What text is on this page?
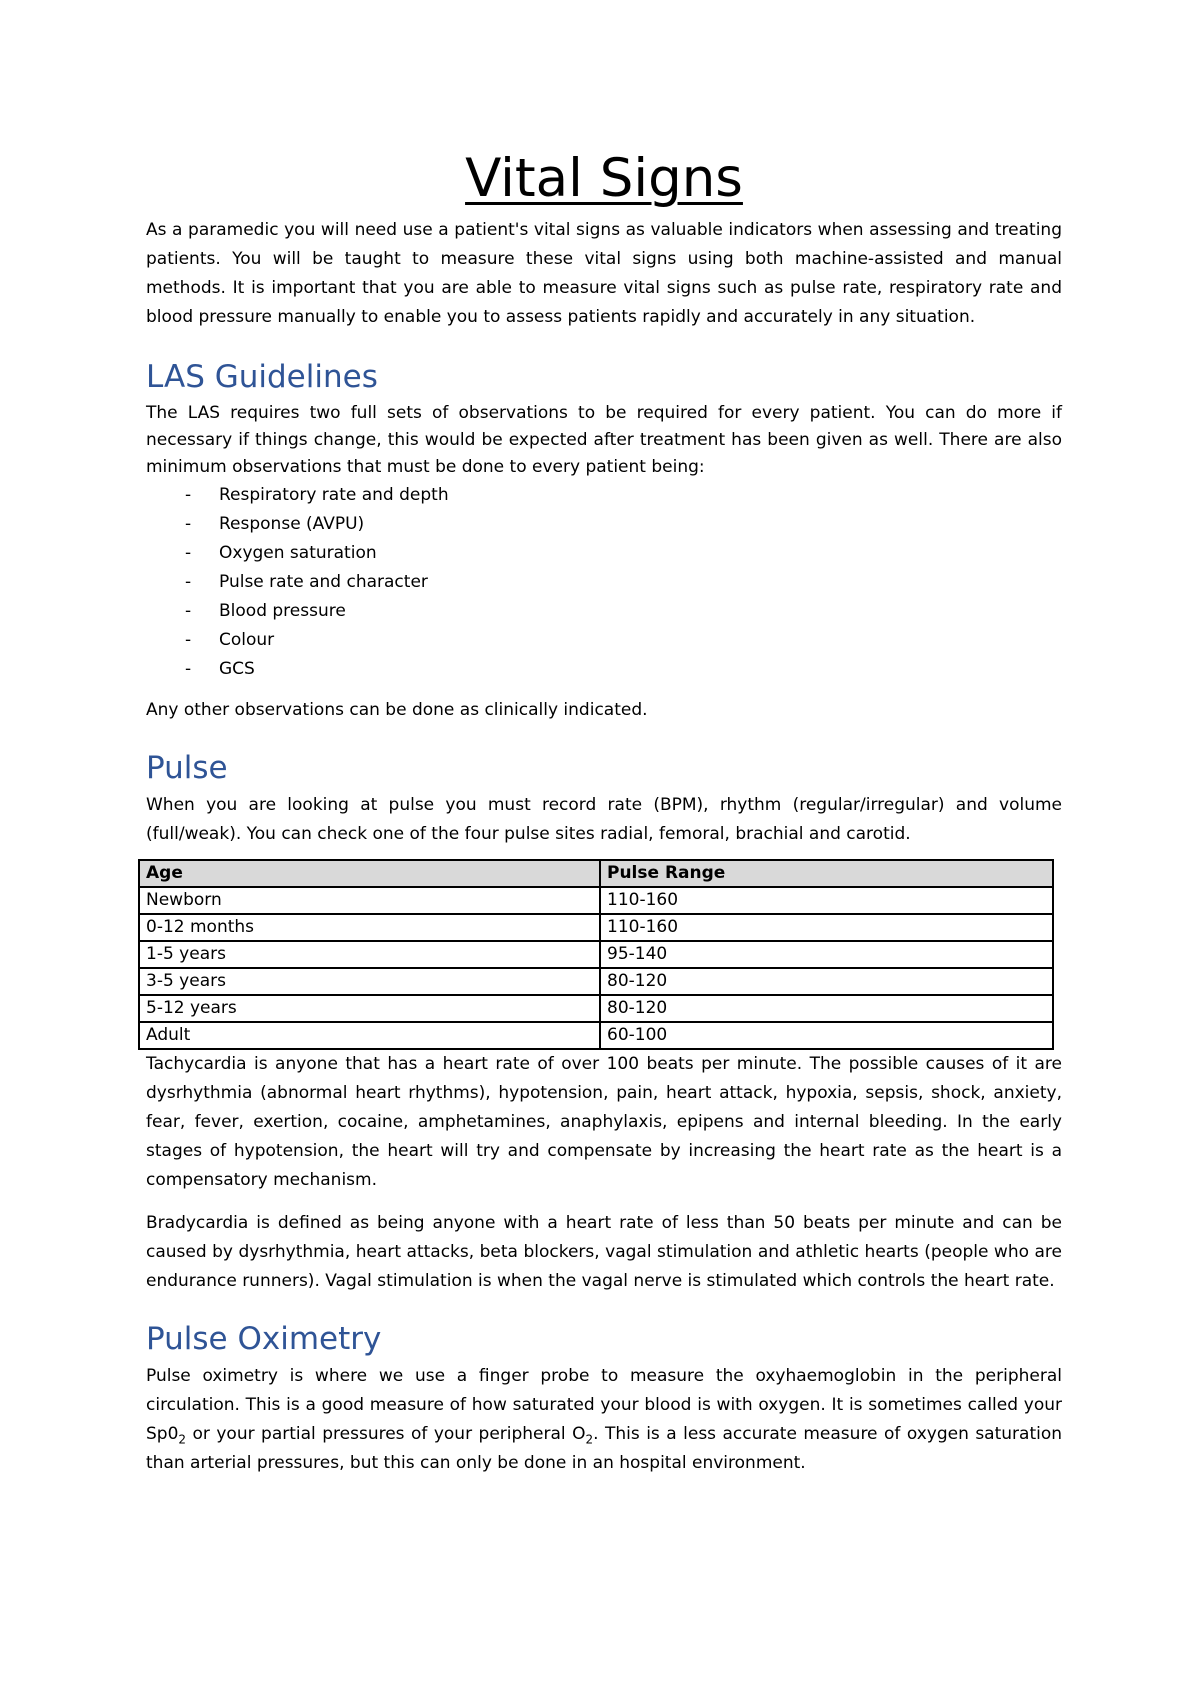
Vital Signs

As a paramedic you will need use a patient's vital signs as valuable indicators when assessing and treating patients. You will be taught to measure these vital signs using both machine-assisted and manual methods. It is important that you are able to measure vital signs such as pulse rate, respiratory rate and blood pressure manually to enable you to assess patients rapidly and accurately in any situation.

LAS Guidelines

The LAS requires two full sets of observations to be required for every patient. You can do more if necessary if things change, this would be expected after treatment has been given as well. There are also minimum observations that must be done to every patient being:

- Respiratory rate and depth
- Response (AVPU)
- Oxygen saturation
- Pulse rate and character
- Blood pressure
- Colour
- GCS

Any other observations can be done as clinically indicated.

Pulse

When you are looking at pulse you must record rate (BPM), rhythm (regular/irregular) and volume (full/weak). You can check one of the four pulse sites radial, femoral, brachial and carotid.

Age	Pulse Range
Newborn	110-160
0-12 months	110-160
1-5 years	95-140
3-5 years	80-120
5-12 years	80-120
Adult	60-100

Tachycardia is anyone that has a heart rate of over 100 beats per minute. The possible causes of it are dysrhythmia (abnormal heart rhythms), hypotension, pain, heart attack, hypoxia, sepsis, shock, anxiety, fear, fever, exertion, cocaine, amphetamines, anaphylaxis, epipens and internal bleeding. In the early stages of hypotension, the heart will try and compensate by increasing the heart rate as the heart is a compensatory mechanism.

Bradycardia is defined as being anyone with a heart rate of less than 50 beats per minute and can be caused by dysrhythmia, heart attacks, beta blockers, vagal stimulation and athletic hearts (people who are endurance runners). Vagal stimulation is when the vagal nerve is stimulated which controls the heart rate.

Pulse Oximetry

Pulse oximetry is where we use a finger probe to measure the oxyhaemoglobin in the peripheral circulation. This is a good measure of how saturated your blood is with oxygen. It is sometimes called your $Sp0_2$ or your partial pressures of your peripheral $O_2$. This is a less accurate measure of oxygen saturation than arterial pressures, but this can only be done in an hospital environment.
